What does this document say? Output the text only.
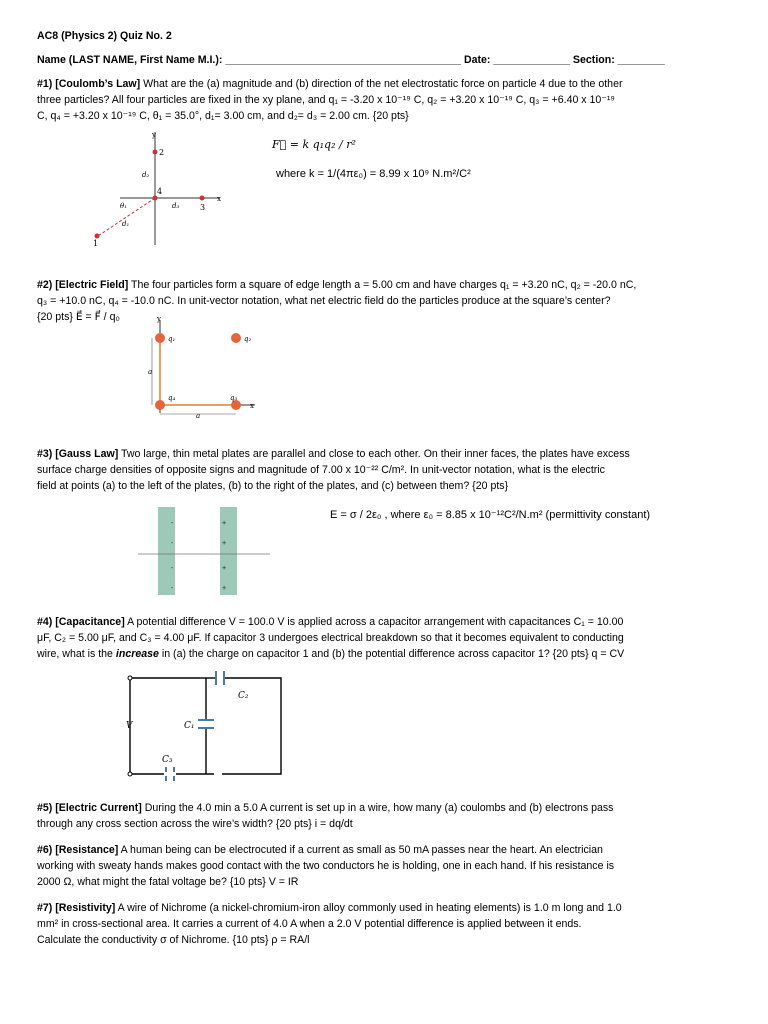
AC8 (Physics 2) Quiz No. 2
Name (LAST NAME, First Name M.I.): ________________________________________ Date: _____________ Section: ________
#1) [Coulomb’s Law] What are the (a) magnitude and (b) direction of the net electrostatic force on particle 4 due to the other
three particles? All four particles are fixed in the xy plane, and q₁ = -3.20 x 10⁻¹⁹ C, q₂ = +3.20 x 10⁻¹⁹ C, q₃ = +6.40 x 10⁻¹⁹
C, q₄ = +3.20 x 10⁻¹⁹ C, θ₁ = 35.0°, d₁= 3.00 cm, and d₂= d₃ = 2.00 cm. {20 pts}
F⃗ = k q₁q₂ / r²
where k = 1/(4πε₀) = 8.99 x 10⁹ N.m²/C²
y
x
2
4
3
1
d₂
d₃
d₁
θ₁
#2) [Electric Field] The four particles form a square of edge length a = 5.00 cm and have charges q₁ = +3.20 nC, q₂ = -20.0 nC,
q₃ = +10.0 nC, q₄ = -10.0 nC. In unit-vector notation, what net electric field do the particles produce at the square’s center?
{20 pts} E⃗ = F⃗ / q₀	y
x
q₁	q₂
q₄	q₃
a
a
#3) [Gauss Law] Two large, thin metal plates are parallel and close to each other. On their inner faces, the plates have excess
surface charge densities of opposite signs and magnitude of 7.00 x 10⁻²² C/m². In unit-vector notation, what is the electric
field at points (a) to the left of the plates, (b) to the right of the plates, and (c) between them? {20 pts}
E = σ / 2ε₀ , where ε₀ = 8.85 x 10⁻¹²C²/N.m² (permittivity constant)
-
-
-
-
+
+
+
+
#4) [Capacitance] A potential difference V = 100.0 V is applied across a capacitor arrangement with capacitances C₁ = 10.00
μF, C₂ = 5.00 μF, and C₃ = 4.00 μF. If capacitor 3 undergoes electrical breakdown so that it becomes equivalent to conducting
wire, what is the increase in (a) the charge on capacitor 1 and (b) the potential difference across capacitor 1? {20 pts} q = CV
V	C₁
C₂
C₃
#5) [Electric Current] During the 4.0 min a 5.0 A current is set up in a wire, how many (a) coulombs and (b) electrons pass
through any cross section across the wire’s width? {20 pts} i = dq/dt
#6) [Resistance] A human being can be electrocuted if a current as small as 50 mA passes near the heart. An electrician
working with sweaty hands makes good contact with the two conductors he is holding, one in each hand. If his resistance is
2000 Ω, what might the fatal voltage be? {10 pts} V = IR
#7) [Resistivity] A wire of Nichrome (a nickel-chromium-iron alloy commonly used in heating elements) is 1.0 m long and 1.0
mm² in cross-sectional area. It carries a current of 4.0 A when a 2.0 V potential difference is applied between it ends.
Calculate the conductivity σ of Nichrome. {10 pts} ρ = RA/l
